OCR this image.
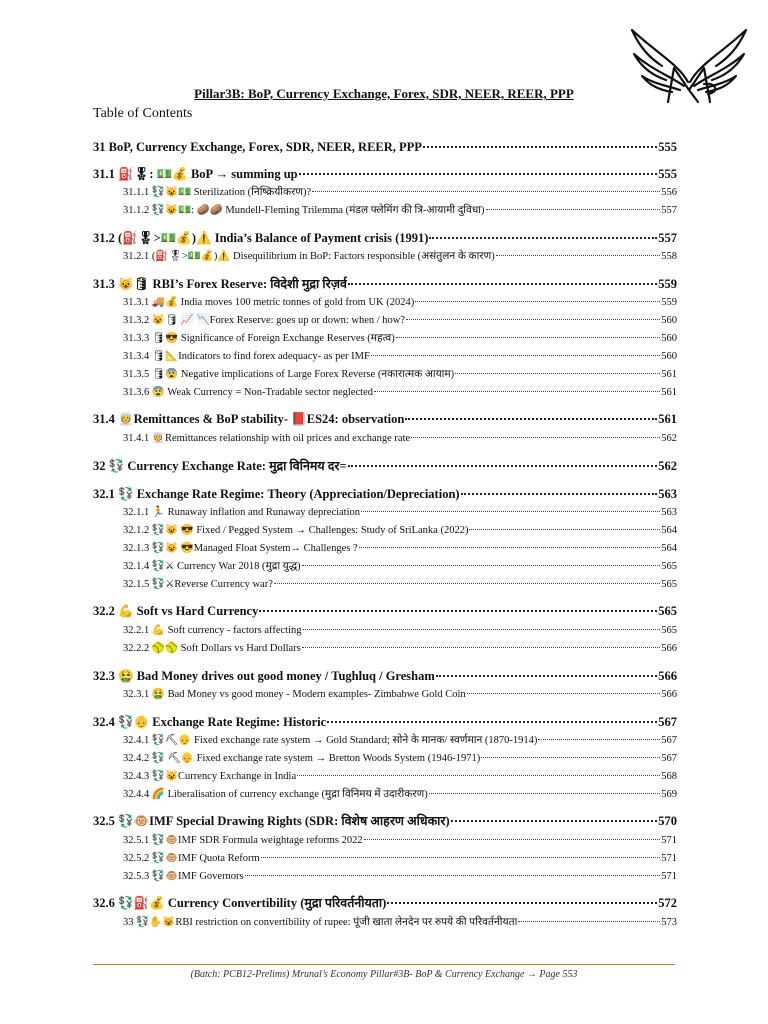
Pillar3B: BoP, Currency Exchange, Forex, SDR, NEER, REER, PPP
Table of Contents
31 BoP, Currency Exchange, Forex, SDR, NEER, REER, PPP	555
31.1 ⛽🎖: 💵💰 BoP → summing up	555
31.1.1 💱😺💵 Sterilization (निष्क्रियीकरण)?	556
31.1.2 💱😺💵: 🥔🥔 Mundell-Fleming Trilemma (मंडल फ्लेमिंग की त्रि-आयामी दुविधा)	557
31.2 (⛽🎖>💵💰)⚠️ India’s Balance of Payment crisis (1991)	557
31.2.1 (⛽🎖>💵💰)⚠️ Disequilibrium in BoP: Factors responsible (असंतुलन के कारण)	558
31.3 😺🛢 RBI’s Forex Reserve: विदेशी मुद्रा रिज़र्व	559
31.3.1 🚚💰 India moves 100 metric tonnes of gold from UK (2024)	559
31.3.2 😺🛢 📈 📉Forex Reserve: goes up or down: when / how?	560
31.3.3 🛢😎 Significance of Foreign Exchange Reserves (महत्व)	560
31.3.4 🛢📐Indicators to find forex adequacy- as per IMF	560
31.3.5 🛢😨 Negative implications of Large Forex Reverse (नकारात्मक आयाम)	561
31.3.6 😨 Weak Currency = Non-Tradable sector neglected	561
31.4 👳Remittances & BoP stability- 📕ES24: observation	561
31.4.1 👳Remittances relationship with oil prices and exchange rate	562
32 💱 Currency Exchange Rate: मुद्रा विनिमय दर=	562
32.1 💱 Exchange Rate Regime: Theory (Appreciation/Depreciation)	563
32.1.1 🏃 Runaway inflation and Runaway depreciation	563
32.1.2 💱😺 😎 Fixed / Pegged System → Challenges: Study of SriLanka (2022)	564
32.1.3 💱😺 😎Managed Float System→ Challenges ?	564
32.1.4 💱⚔ Currency War 2018 (मुद्रा युद्ध)	565
32.1.5 💱⚔Reverse Currency war?	565
32.2 💪 Soft vs Hard Currency	565
32.2.1 💪 Soft currency - factors affecting	565
32.2.2 🥎🥎 Soft Dollars vs Hard Dollars	566
32.3 🤮 Bad Money drives out good money / Tughluq / Gresham	566
32.3.1 🤮 Bad Money vs good money - Modern examples- Zimbabwe Gold Coin	566
32.4 💱👴 Exchange Rate Regime: Historic	567
32.4.1 💱⛏👴 Fixed exchange rate system → Gold Standard; सोने के मानक/ स्वर्णमान (1870-1914)	567
32.4.2 💱 ⛏👴 Fixed exchange rate system → Bretton Woods System (1946-1971)	567
32.4.3 💱😺Currency Exchange in India	568
32.4.4 🌈 Liberalisation of currency exchange (मुद्रा विनिमय में उदारीकरण)	569
32.5 💱🐵IMF Special Drawing Rights (SDR: विशेष आहरण अधिकार)	570
32.5.1 💱🐵IMF SDR Formula weightage reforms 2022	571
32.5.2 💱🐵IMF Quota Reform	571
32.5.3 💱🐵IMF Governors	571
32.6 💱⛽💰 Currency Convertibility (मुद्रा परिवर्तनीयता)	572
33 💱✋😺RBI restriction on convertibility of rupee: पूंजी खाता लेनदेन पर रुपये की परिवर्तनीयता	573
(Batch: PCB12-Prelims) Mrunal’s Economy Pillar#3B- BoP & Currency Exchange → Page 553
